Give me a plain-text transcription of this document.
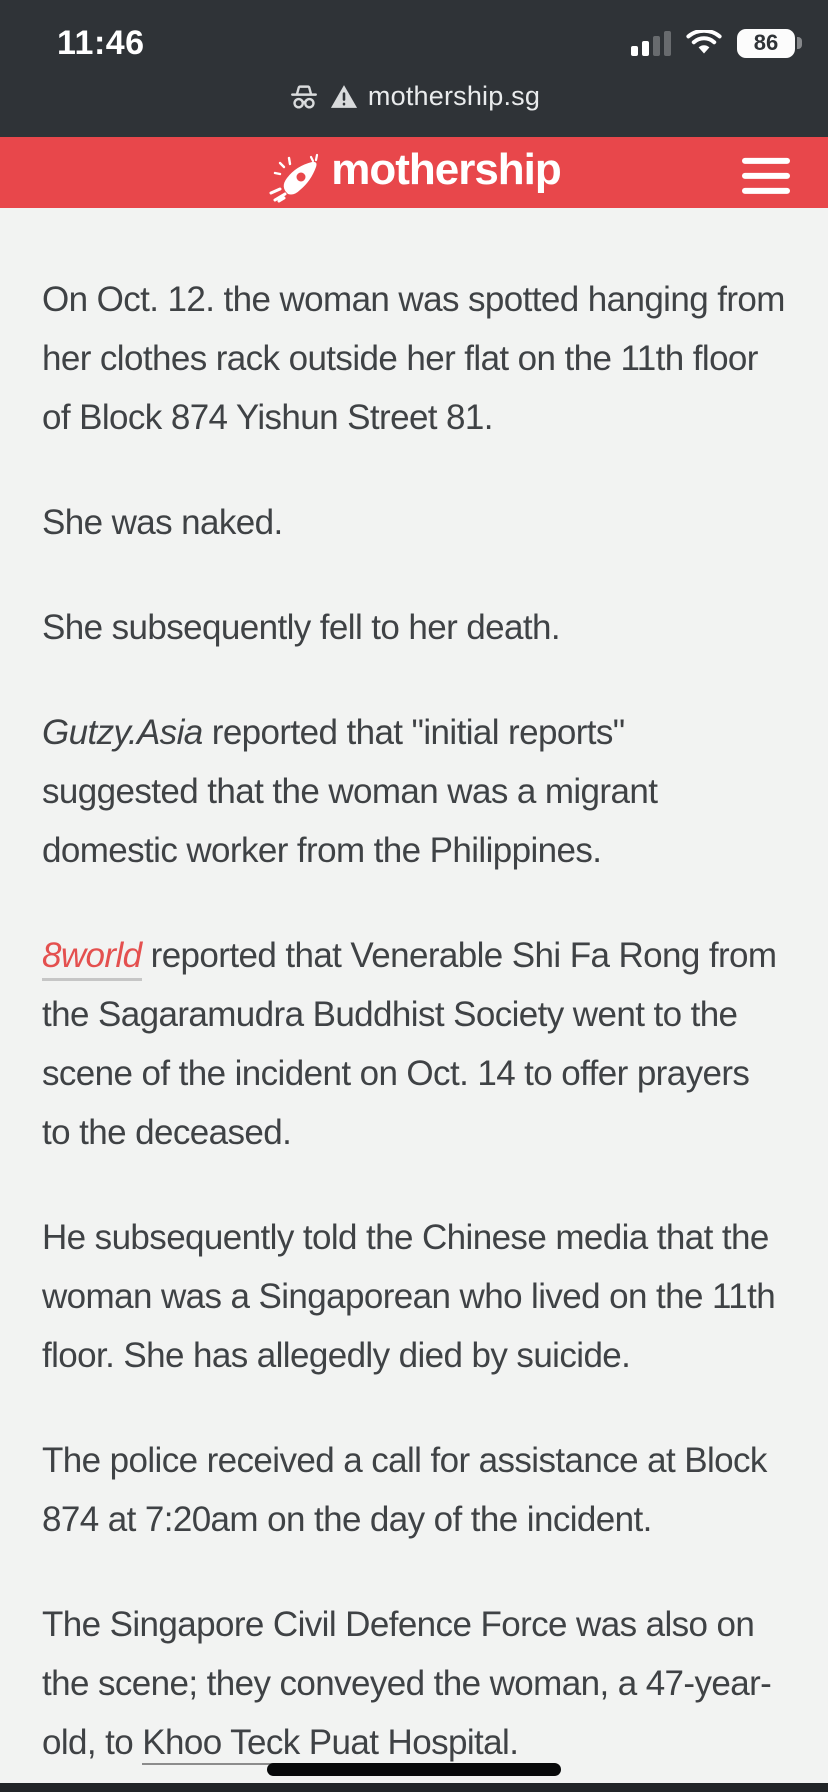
11:46	86
mothership.sg
mothership

On Oct. 12. the woman was spotted hanging from her clothes rack outside her flat on the 11th floor of Block 874 Yishun Street 81.

She was naked.

She subsequently fell to her death.

Gutzy.Asia reported that "initial reports" suggested that the woman was a migrant domestic worker from the Philippines.

8world reported that Venerable Shi Fa Rong from the Sagaramudra Buddhist Society went to the scene of the incident on Oct. 14 to offer prayers to the deceased.

He subsequently told the Chinese media that the woman was a Singaporean who lived on the 11th floor. She has allegedly died by suicide.

The police received a call for assistance at Block 874 at 7:20am on the day of the incident.

The Singapore Civil Defence Force was also on the scene; they conveyed the woman, a 47-year-old, to Khoo Teck Puat Hospital.
